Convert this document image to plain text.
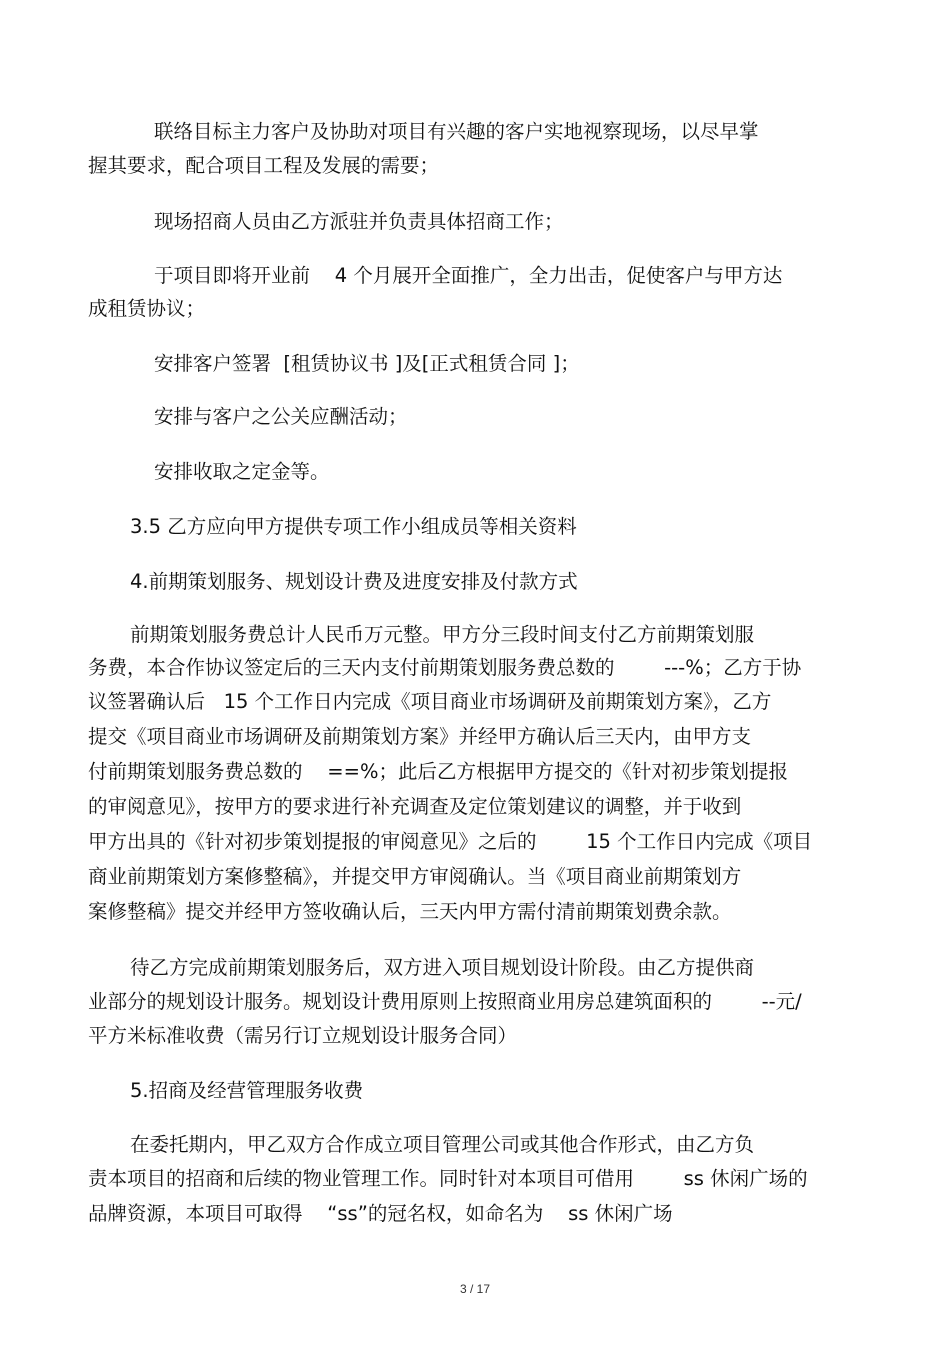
联络目标主力客户及协助对项目有兴趣的客户实地视察现场，以尽早掌

握其要求，配合项目工程及发展的需要；

现场招商人员由乙方派驻并负责具体招商工作；

于项目即将开业前    4 个月展开全面推广，全力出击，促使客户与甲方达

成租赁协议；

安排客户签署  [租赁协议书 ]及[正式租赁合同 ]；

安排与客户之公关应酬活动；

安排收取之定金等。

3.5 乙方应向甲方提供专项工作小组成员等相关资料

4.前期策划服务、规划设计费及进度安排及付款方式

前期策划服务费总计人民币万元整。甲方分三段时间支付乙方前期策划服

务费，本合作协议签定后的三天内支付前期策划服务费总数的        ---%；乙方于协

议签署确认后   15 个工作日内完成《项目商业市场调研及前期策划方案》，乙方

提交《项目商业市场调研及前期策划方案》并经甲方确认后三天内，由甲方支

付前期策划服务费总数的    ==%；此后乙方根据甲方提交的《针对初步策划提报

的审阅意见》，按甲方的要求进行补充调查及定位策划建议的调整，并于收到

甲方出具的《针对初步策划提报的审阅意见》之后的        15 个工作日内完成《项目

商业前期策划方案修整稿》，并提交甲方审阅确认。当《项目商业前期策划方

案修整稿》提交并经甲方签收确认后，三天内甲方需付清前期策划费余款。

待乙方完成前期策划服务后，双方进入项目规划设计阶段。由乙方提供商

业部分的规划设计服务。规划设计费用原则上按照商业用房总建筑面积的        --元/

平方米标准收费（需另行订立规划设计服务合同）

5.招商及经营管理服务收费

在委托期内，甲乙双方合作成立项目管理公司或其他合作形式，由乙方负

责本项目的招商和后续的物业管理工作。同时针对本项目可借用        ss 休闲广场的

品牌资源，本项目可取得    “ss”的冠名权，如命名为    ss 休闲广场

3 / 17
